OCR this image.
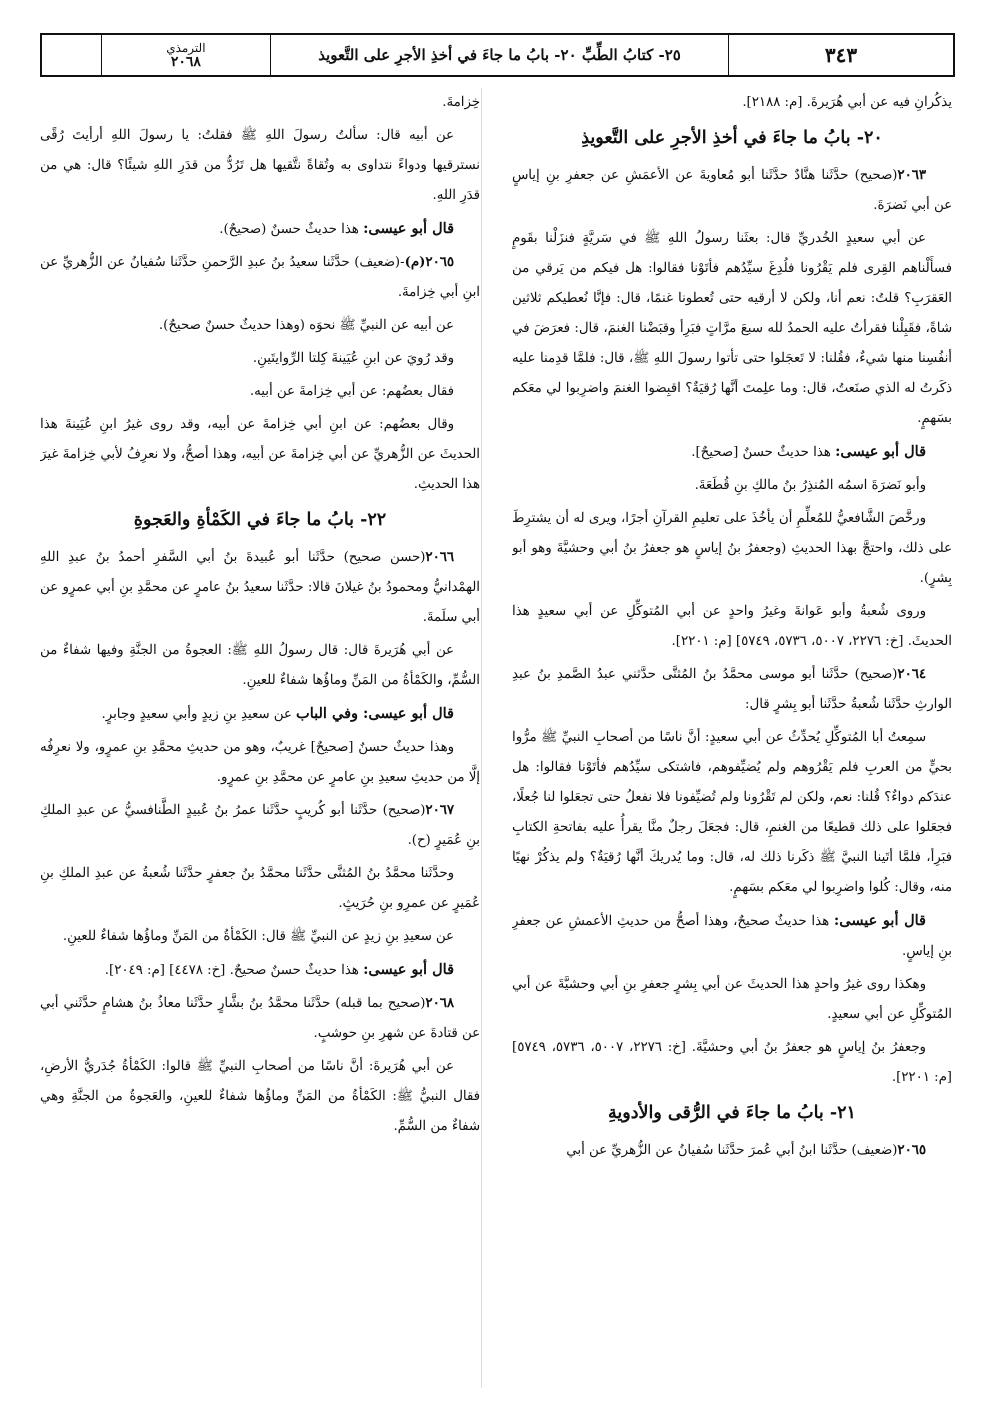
الترمذي
٢٠٦٨	٢٥- كتابُ الطِّبِّ ٢٠- بابُ ما جاءَ في أخذِ الأجرِ على التَّعويذ	٣٤٣

يذكُرانِ فيه عن أبي هُرَيرةَ. [م: ٢١٨٨].

٢٠- بابُ ما جاءَ في أخذِ الأجرِ على التَّعويذِ

٢٠٦٣(صحيح) حدَّثَنا هنَّادٌ حدَّثَنا أبو مُعاويةَ عن الأعمَشِ عن جعفرِ بنِ إياسٍ عن أبي نَضرَةَ.

عن أبي سعيدٍ الخُدريِّ قال: بعثَنا رسولُ اللهِ ﷺ في سَريَّةٍ فنزَلْنا بقَومٍ فسأَلْناهم القِرى فلم يَقْرُونا فلُدِغَ سيِّدُهم فأتَوْنا فقالوا: هل فيكم من يَرقي من العَقرَبِ؟ قلتُ: نعم أنا، ولكن لا أرقيه حتى تُعطونا غنمًا، قال: فإنَّا نُعطيكم ثلاثين شاةً، فقَبِلْنا فقرأتُ عليه الحمدُ لله سبعَ مرَّاتٍ فبَرِأ وقبَضْنا الغنمَ، قال: فعرَضَ في أنفُسِنا منها شيءٌ، فقُلنا: لا تَعجَلوا حتى تأتوا رسولَ اللهِ ﷺ، قال: فلمَّا قدِمنا عليه ذكَرتُ له الذي صنَعتُ، قال: وما علِمتَ أنَّها رُقيَةٌ؟ اقبِضوا الغنمَ واضرِبوا لي معَكم بسَهمٍ.

قال أبو عيسى: هذا حديثٌ حسنٌ [صحيحٌ].

وأبو نَضرَةَ اسمُه المُنذِرُ بنُ مالكِ بنِ قُطَعَةَ.

ورخَّصَ الشَّافعيُّ للمُعلِّمِ أن يأخُذَ على تعليمِ القرآنِ أجرًا، ويرى له أن يشترِطَ على ذلك، واحتجَّ بهذا الحديثِ (وجعفرُ بنُ إياسٍ هو جعفرُ بنُ أبي وحشيَّةَ وهو أبو بِشرٍ).

وروى شُعبةُ وأبو عَوانةَ وغيرُ واحدٍ عن أبي المُتوكِّلِ عن أبي سعيدٍ هذا الحديثَ. [خ: ٢٢٧٦، ٥٠٠٧، ٥٧٣٦، ٥٧٤٩] [م: ٢٢٠١].

٢٠٦٤(صحيح) حدَّثَنا أبو موسى محمَّدُ بنُ المُثنَّى حدَّثني عبدُ الصَّمدِ بنُ عبدِ الوارثِ حدَّثَنا شُعبةُ حدَّثَنا أبو بِشرٍ قال:

سمِعتُ أبا المُتوكِّلِ يُحدِّثُ عن أبي سعيدٍ: أنَّ ناسًا من أصحابِ النبيِّ ﷺ مرُّوا بحيٍّ من العربِ فلم يَقْرُوهم ولم يُضيِّفوهم، فاشتكى سيِّدُهم فأتَوْنا فقالوا: هل عندَكم دواءٌ؟ قُلنا: نعم، ولكن لم تَقْرُونا ولم تُضيِّفونا فلا نفعلُ حتى تجعَلوا لنا جُعلًا، فجعَلوا على ذلك قطيعًا من الغنمِ، قال: فجعَلَ رجلٌ منَّا يقرأُ عليه بفاتحةِ الكتابِ فبَرِأ، فلمَّا أتَينا النبيَّ ﷺ ذكَرنا ذلك له، قال: وما يُدريكَ أنَّها رُقيَةٌ؟ ولم يذكُرْ نهيًا منه، وقال: كُلوا واضرِبوا لي معَكم بسَهمٍ.

قال أبو عيسى: هذا حديثٌ صحيحٌ، وهذا أصحُّ من حديثِ الأعمشِ عن جعفرِ بنِ إياسٍ.

وهكذا روى غيرُ واحدٍ هذا الحديثَ عن أبي بِشرٍ جعفرِ بنِ أبي وحشيَّةَ عن أبي المُتوكِّلِ عن أبي سعيدٍ.

وجعفرُ بنُ إياسٍ هو جعفرُ بنُ أبي وحشيَّةَ. [خ: ٢٢٧٦، ٥٠٠٧، ٥٧٣٦، ٥٧٤٩] [م: ٢٢٠١].

٢١- بابُ ما جاءَ في الرُّقى والأدويةِ

٢٠٦٥(ضعيف) حدَّثَنا ابنُ أبي عُمرَ حدَّثَنا سُفيانُ عن الزُّهريِّ عن أبي

خِزامةَ.

عن أبيه قال: سألتُ رسولَ اللهِ ﷺ فقلتُ: يا رسولَ اللهِ أرأيتَ رُقًى نسترقيها ودواءً نتداوى به وتُقاةً نتَّقيها هل تَرُدُّ من قدَرِ اللهِ شيئًا؟ قال: هي من قدَرِ اللهِ.

قال أبو عيسى: هذا حديثٌ حسنٌ (صحيحٌ).

٢٠٦٥(م)-(ضعيف) حدَّثَنا سعيدُ بنُ عبدِ الرَّحمنِ حدَّثَنا سُفيانُ عن الزُّهريِّ عن ابنِ أبي خِزامةَ.

عن أبيه عن النبيِّ ﷺ نحوَه (وهذا حديثٌ حسنٌ صحيحٌ).

وقد رُويَ عن ابنِ عُيَينةَ كِلتا الرِّوايتَينِ.

فقال بعضُهم: عن أبي خِزامةَ عن أبيه.

وقال بعضُهم: عن ابنِ أبي خِزامةَ عن أبيه، وقد روى غيرُ ابنِ عُيَينةَ هذا الحديثَ عن الزُّهريِّ عن أبي خِزامةَ عن أبيه، وهذا أصحُّ، ولا نعرِفُ لأبي خِزامةَ غيرَ هذا الحديثِ.

٢٢- بابُ ما جاءَ في الكَمْأةِ والعَجوةِ

٢٠٦٦(حسن صحيح) حدَّثَنا أبو عُبيدةَ بنُ أبي السَّفرِ أحمدُ بنُ عبدِ اللهِ الهمْدانيُّ ومحمودُ بنُ غيلانَ قالا: حدَّثَنا سعيدُ بنُ عامرٍ عن محمَّدِ بنِ أبي عمرٍو عن أبي سلَمةَ.

عن أبي هُرَيرةَ قال: قال رسولُ اللهِ ﷺ: العجوةُ من الجنَّةِ وفيها شفاءٌ من السُّمِّ، والكَمْأةُ من المَنِّ وماؤُها شفاءٌ للعينِ.

قال أبو عيسى: وفي الباب عن سعيدِ بنِ زيدٍ وأبي سعيدٍ وجابرٍ.

وهذا حديثٌ حسنٌ [صحيحٌ] غريبٌ، وهو من حديثِ محمَّدِ بنِ عمرٍو، ولا نعرِفُه إلَّا من حديثِ سعيدِ بنِ عامرٍ عن محمَّدِ بنِ عمرٍو.

٢٠٦٧(صحيح) حدَّثَنا أبو كُريبٍ حدَّثَنا عمرُ بنُ عُبيدٍ الطَّنافسيُّ عن عبدِ الملكِ بنِ عُمَيرٍ (ح).

وحدَّثَنا محمَّدُ بنُ المُثنَّى حدَّثَنا محمَّدُ بنُ جعفرٍ حدَّثَنا شُعبةُ عن عبدِ الملكِ بنِ عُمَيرٍ عن عمرِو بنِ حُرَيثٍ.

عن سعيدِ بنِ زيدٍ عن النبيِّ ﷺ قال: الكَمْأةُ من المَنِّ وماؤُها شفاءٌ للعينِ.

قال أبو عيسى: هذا حديثٌ حسنٌ صحيحٌ. [خ: ٤٤٧٨] [م: ٢٠٤٩].

٢٠٦٨(صحيح بما قبله) حدَّثَنا محمَّدُ بنُ بشَّارٍ حدَّثَنا معاذُ بنُ هشامٍ حدَّثَني أبي عن قتادةَ عن شهرِ بنِ حوشبٍ.

عن أبي هُرَيرةَ: أنَّ ناسًا من أصحابِ النبيِّ ﷺ قالوا: الكَمْأةُ جُدَريُّ الأرضِ، فقال النبيُّ ﷺ: الكَمْأةُ من المَنِّ وماؤُها شفاءٌ للعينِ، والعَجوةُ من الجنَّةِ وهي شفاءٌ من السُّمِّ.
